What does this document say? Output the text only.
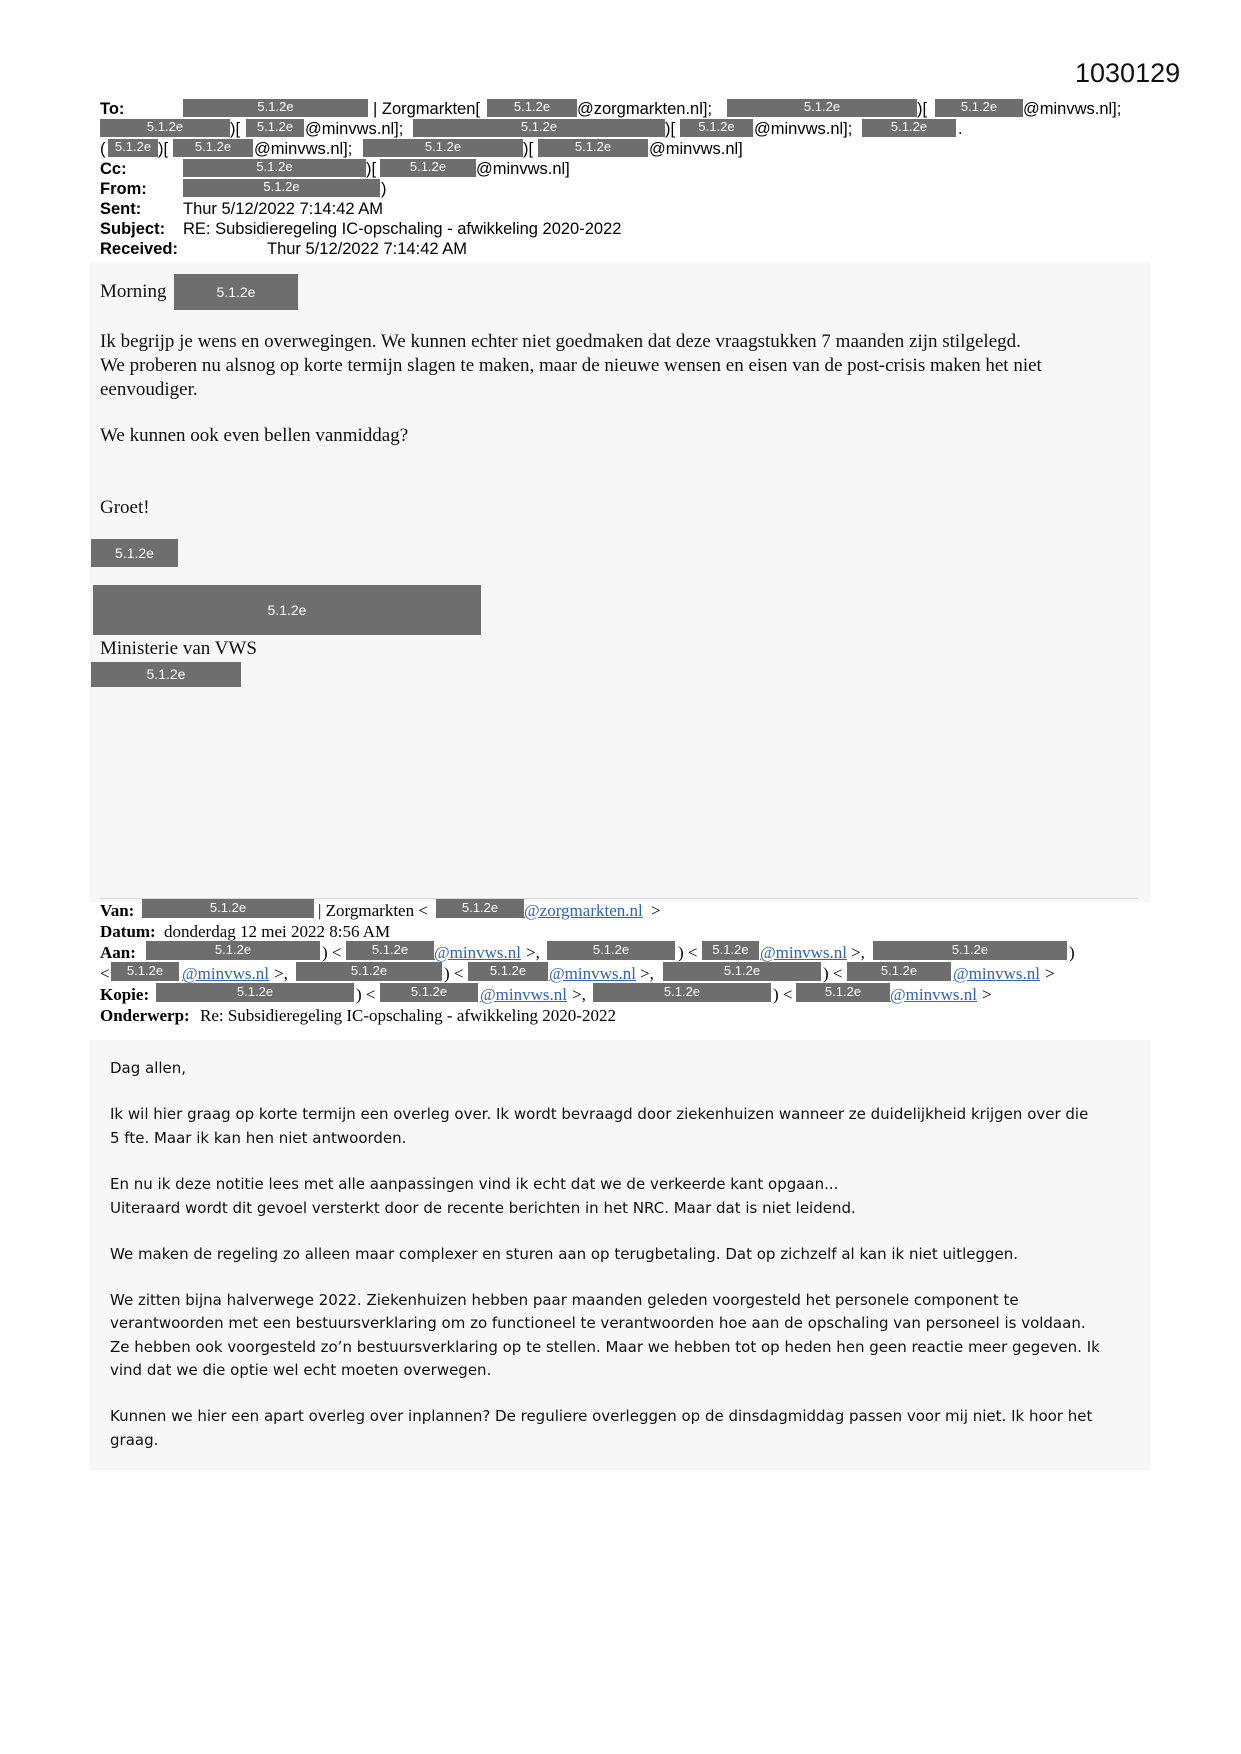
1030129
To:	5.1.2e	| Zorgmarkten[	5.1.2e	@zorgmarkten.nl];	5.1.2e	)[	5.1.2e	@minvws.nl];
5.1.2e	)[	5.1.2e @minvws.nl];	5.1.2e	)[	5.1.2e	@minvws.nl];	5.1.2e	.
( 5.1.2e )[	5.1.2e	@minvws.nl];	5.1.2e	)[	5.1.2e	@minvws.nl]
Cc:	5.1.2e	)[	5.1.2e	@minvws.nl]
From:	5.1.2e	)
Sent:	Thur 5/12/2022 7:14:42 AM
Subject: RE: Subsidieregeling IC-opschaling - afwikkeling 2020-2022
Received:	Thur 5/12/2022 7:14:42 AM
Morning	5.1.2e
Ik begrijp je wens en overwegingen. We kunnen echter niet goedmaken dat deze vraagstukken 7 maanden zijn stilgelegd.
We proberen nu alsnog op korte termijn slagen te maken, maar de nieuwe wensen en eisen van de post-crisis maken het niet
eenvoudiger.
We kunnen ook even bellen vanmiddag?
Groet!
5.1.2e
5.1.2e
Ministerie van VWS
5.1.2e
Van:	5.1.2e	| Zorgmarkten <	5.1.2e	@zorgmarkten.nl >
Datum: donderdag 12 mei 2022 8:56 AM
Aan:	5.1.2e	) <	5.1.2e	@minvws.nl >,	5.1.2e	) <	5.1.2e @minvws.nl >,	5.1.2e	)
<	5.1.2e	@minvws.nl >,	5.1.2e	) <	5.1.2e	@minvws.nl >,	5.1.2e	) <	5.1.2e	@minvws.nl >
Kopie:	5.1.2e	) <	5.1.2e	@minvws.nl >,	5.1.2e	) <	5.1.2e	@minvws.nl >
Onderwerp: Re: Subsidieregeling IC-opschaling - afwikkeling 2020-2022
Dag allen,
Ik wil hier graag op korte termijn een overleg over. Ik wordt bevraagd door ziekenhuizen wanneer ze duidelijkheid krijgen over die
5 fte. Maar ik kan hen niet antwoorden.
En nu ik deze notitie lees met alle aanpassingen vind ik echt dat we de verkeerde kant opgaan...
Uiteraard wordt dit gevoel versterkt door de recente berichten in het NRC. Maar dat is niet leidend.
We maken de regeling zo alleen maar complexer en sturen aan op terugbetaling. Dat op zichzelf al kan ik niet uitleggen.
We zitten bijna halverwege 2022. Ziekenhuizen hebben paar maanden geleden voorgesteld het personele component te
verantwoorden met een bestuursverklaring om zo functioneel te verantwoorden hoe aan de opschaling van personeel is voldaan.
Ze hebben ook voorgesteld zo’n bestuursverklaring op te stellen. Maar we hebben tot op heden hen geen reactie meer gegeven. Ik
vind dat we die optie wel echt moeten overwegen.
Kunnen we hier een apart overleg over inplannen? De reguliere overleggen op de dinsdagmiddag passen voor mij niet. Ik hoor het
graag.
